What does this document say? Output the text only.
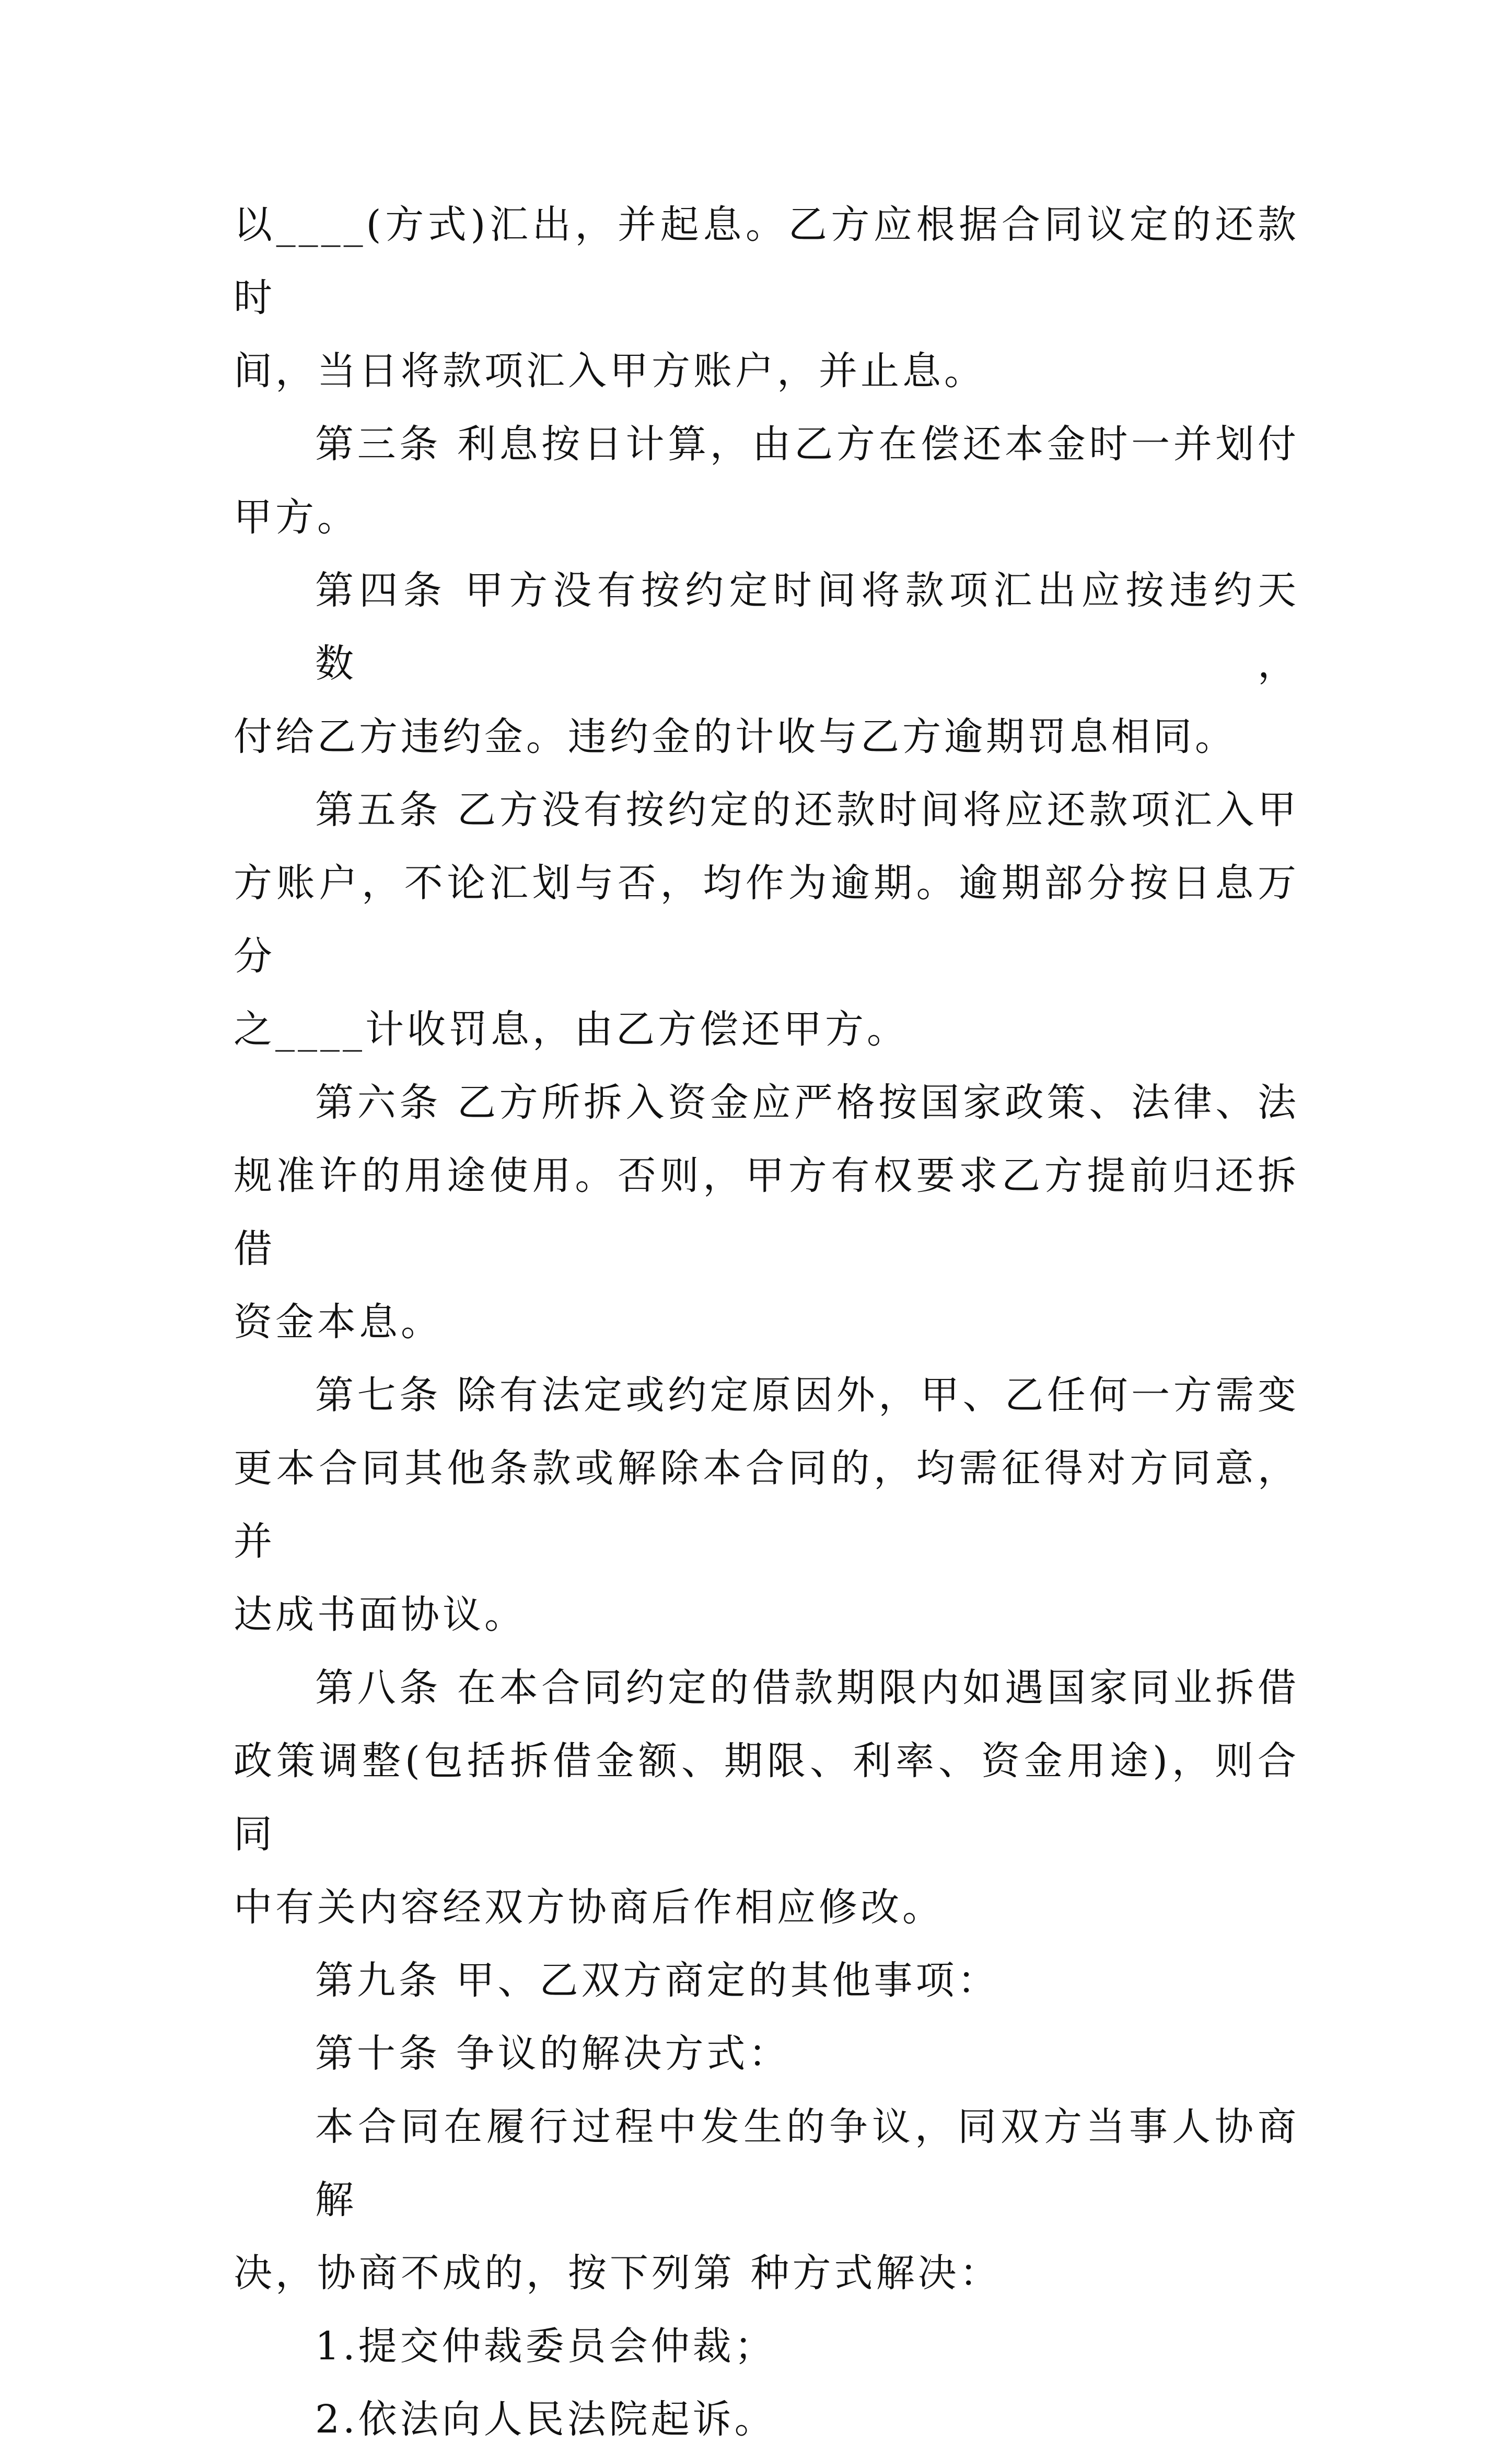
以____(方式)汇出，并起息。乙方应根据合同议定的还款时
间，当日将款项汇入甲方账户，并止息。
第三条 利息按日计算，由乙方在偿还本金时一并划付
甲方。
第四条 甲方没有按约定时间将款项汇出应按违约天数，
付给乙方违约金。违约金的计收与乙方逾期罚息相同。
第五条 乙方没有按约定的还款时间将应还款项汇入甲
方账户，不论汇划与否，均作为逾期。逾期部分按日息万分
之____计收罚息，由乙方偿还甲方。
第六条 乙方所拆入资金应严格按国家政策、法律、法
规准许的用途使用。否则，甲方有权要求乙方提前归还拆借
资金本息。
第七条 除有法定或约定原因外，甲、乙任何一方需变
更本合同其他条款或解除本合同的，均需征得对方同意，并
达成书面协议。
第八条 在本合同约定的借款期限内如遇国家同业拆借
政策调整(包括拆借金额、期限、利率、资金用途)，则合同
中有关内容经双方协商后作相应修改。
第九条 甲、乙双方商定的其他事项：
第十条 争议的解决方式：
本合同在履行过程中发生的争议，同双方当事人协商解
决，协商不成的，按下列第 种方式解决：
1.提交仲裁委员会仲裁；
2.依法向人民法院起诉。
